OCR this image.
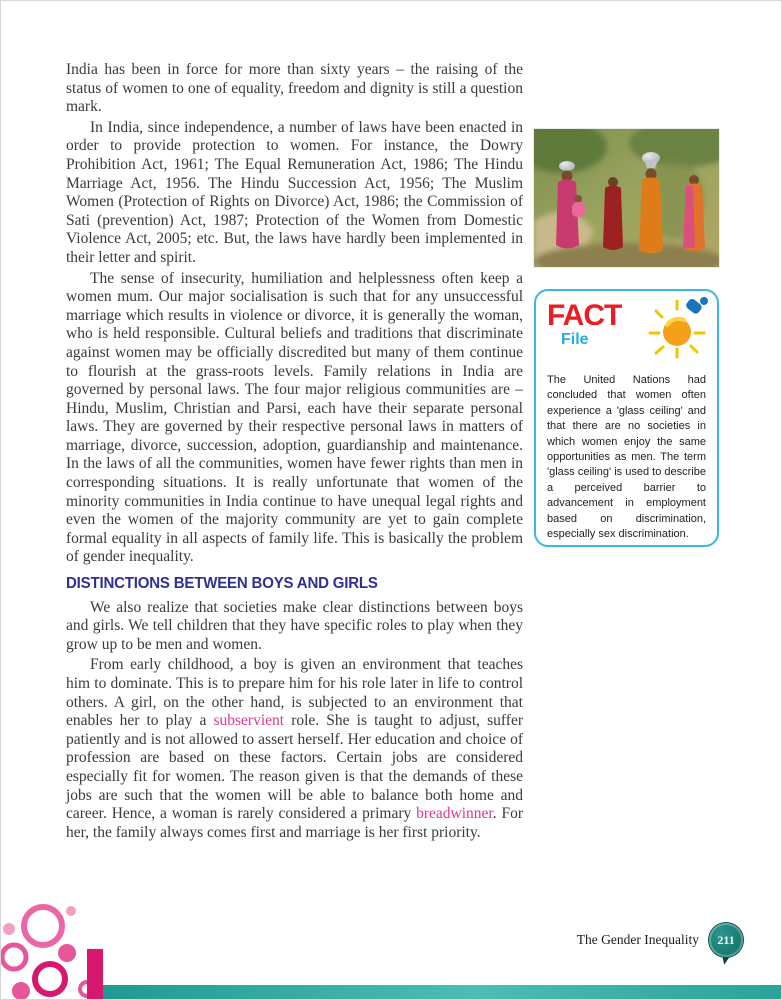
India has been in force for more than sixty years – the raising of the status of women to one of equality, freedom and dignity is still a question mark.

In India, since independence, a number of laws have been enacted in order to provide protection to women. For instance, the Dowry Prohibition Act, 1961; The Equal Remuneration Act, 1986; The Hindu Marriage Act, 1956. The Hindu Succession Act, 1956; The Muslim Women (Protection of Rights on Divorce) Act, 1986; the Commission of Sati (prevention) Act, 1987; Protection of the Women from Domestic Violence Act, 2005; etc. But, the laws have hardly been implemented in their letter and spirit.

The sense of insecurity, humiliation and helplessness often keep a women mum. Our major socialisation is such that for any unsuccessful marriage which results in violence or divorce, it is generally the woman, who is held responsible. Cultural beliefs and traditions that discriminate against women may be officially discredited but many of them continue to flourish at the grass-roots levels. Family relations in India are governed by personal laws. The four major religious communities are – Hindu, Muslim, Christian and Parsi, each have their separate personal laws. They are governed by their respective personal laws in matters of marriage, divorce, succession, adoption, guardianship and maintenance. In the laws of all the communities, women have fewer rights than men in corresponding situations. It is really unfortunate that women of the minority communities in India continue to have unequal legal rights and even the women of the majority community are yet to gain complete formal equality in all aspects of family life. This is basically the problem of gender inequality.

DISTINCTIONS BETWEEN BOYS AND GIRLS

We also realize that societies make clear distinctions between boys and girls. We tell children that they have specific roles to play when they grow up to be men and women.

From early childhood, a boy is given an environment that teaches him to dominate. This is to prepare him for his role later in life to control others. A girl, on the other hand, is subjected to an environment that enables her to play a subservient role. She is taught to adjust, suffer patiently and is not allowed to assert herself. Her education and choice of profession are based on these factors. Certain jobs are considered especially fit for women. The reason given is that the demands of these jobs are such that the women will be able to balance both home and career. Hence, a woman is rarely considered a primary breadwinner. For her, the family always comes first and marriage is her first priority.

FACT
File
The United Nations had concluded that women often experience a 'glass ceiling' and that there are no societies in which women enjoy the same opportunities as men. The term 'glass ceiling' is used to describe a perceived barrier to advancement in employment based on discrimination, especially sex discrimination.
The Gender Inequality 211
